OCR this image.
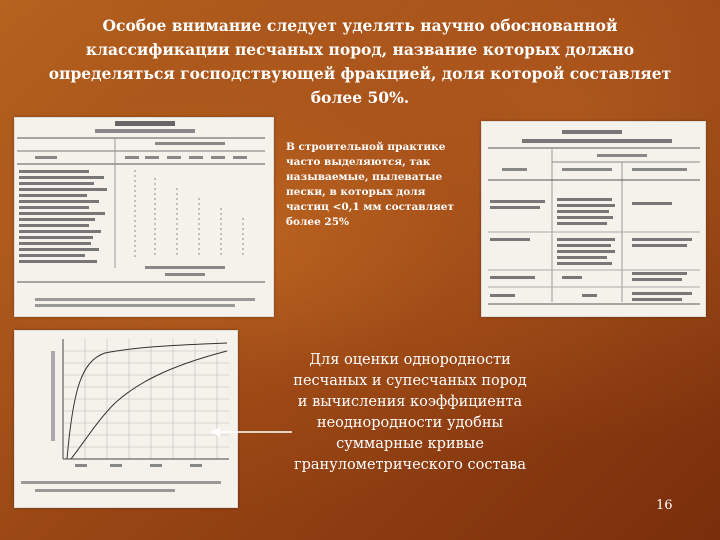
Особое внимание следует уделять научно обоснованной классификации песчаных пород, название которых должно определяться господствующей фракцией, доля которой составляет более 50%.
В строительной практике часто выделяются, так называемые, пылеватые пески, в которых доля частиц <0,1 мм составляет более 25%
Для оценки однородности песчаных и супесчаных пород и вычисления коэффициента неоднородности удобны суммарные кривые гранулометрического состава
16
